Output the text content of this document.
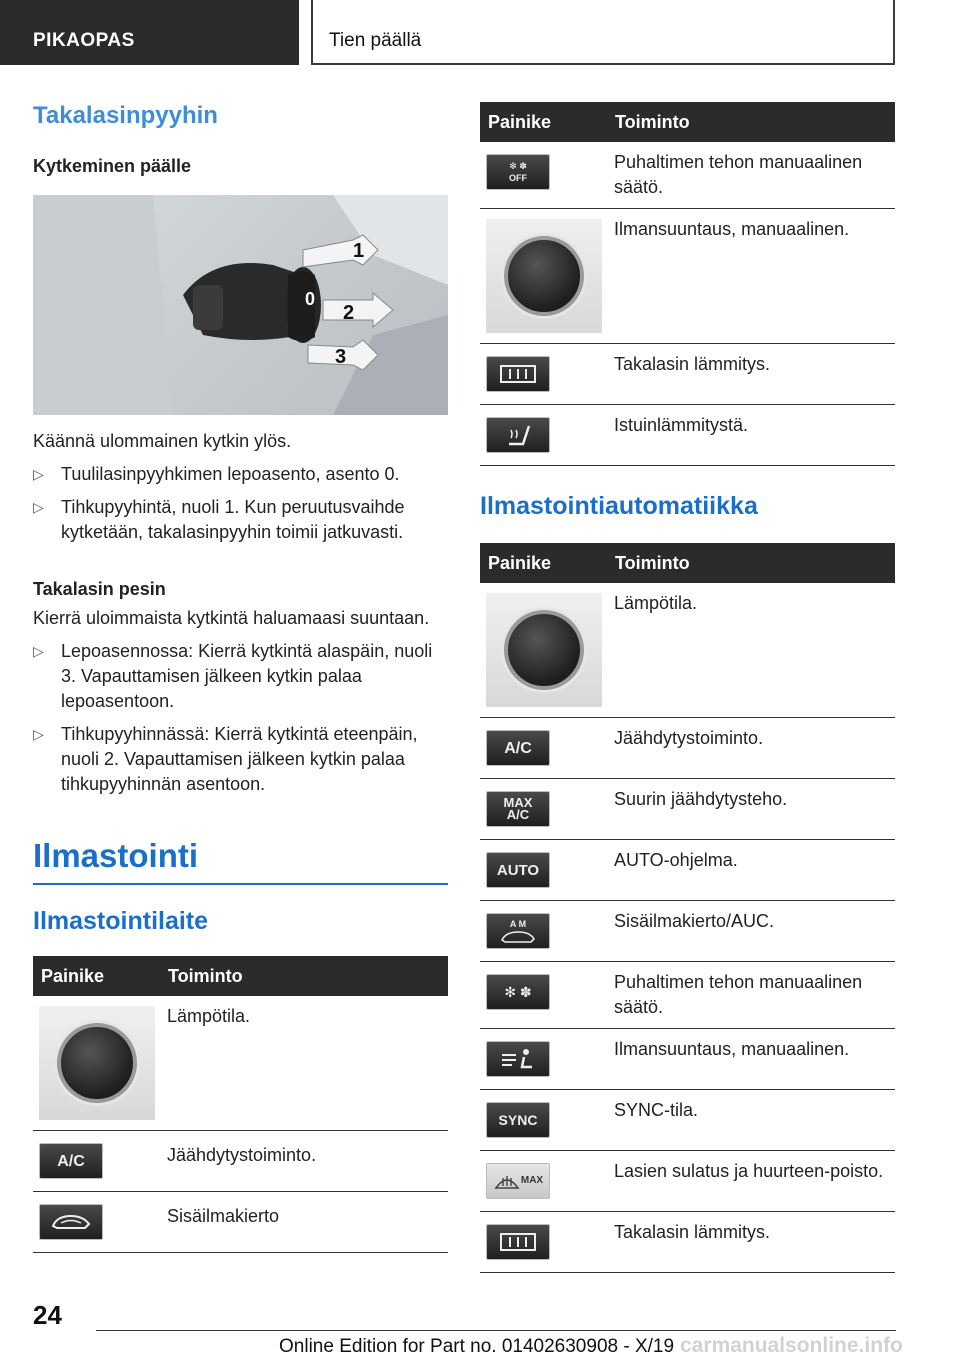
PIKAOPAS	Tien päällä
Takalasinpyyhin
Kytkeminen päälle
1
0
2
3
Käännä ulommainen kytkin ylös.
▷ Tuulilasinpyyhkimen lepoasento, asento 0.
▷ Tihkupyyhintä, nuoli 1. Kun peruutusvaihde kytketään, takalasinpyyhin toimii jatkuvasti.
Takalasin pesin
Kierrä uloimmaista kytkintä haluamaasi suuntaan.
▷ Lepoasennossa: Kierrä kytkintä alaspäin, nuoli 3. Vapauttamisen jälkeen kytkin palaa lepoasentoon.
▷ Tihkupyyhinnässä: Kierrä kytkintä eteenpäin, nuoli 2. Vapauttamisen jälkeen kytkin palaa tihkupyyhinnän asentoon.
Ilmastointi
Ilmastointilaite
Painike	Toiminto

	Lämpötila.

A/C	Jäähdytystoiminto.

	Sisäilmakierto
Painike	Toiminto

✻ ✽
OFF	Puhaltimen tehon manuaalinen säätö.

	Ilmansuuntaus, manuaalinen.

	Takalasin lämmitys.

	Istuinlämmitystä.
Ilmastointiautomatiikka
Painike	Toiminto

	Lämpötila.

A/C	Jäähdytystoiminto.

MAX A/C	Suurin jäähdytysteho.

AUTO	AUTO-ohjelma.

A M	Sisäilmakierto/AUC.

✻ ✽	Puhaltimen tehon manuaalinen säätö.

	Ilmansuuntaus, manuaalinen.

SYNC	SYNC-tila.

MAX	Lasien sulatus ja huurteen-poisto.

	Takalasin lämmitys.
24
Online Edition for Part no. 01402630908 - X/19 carmanualsonline.info
